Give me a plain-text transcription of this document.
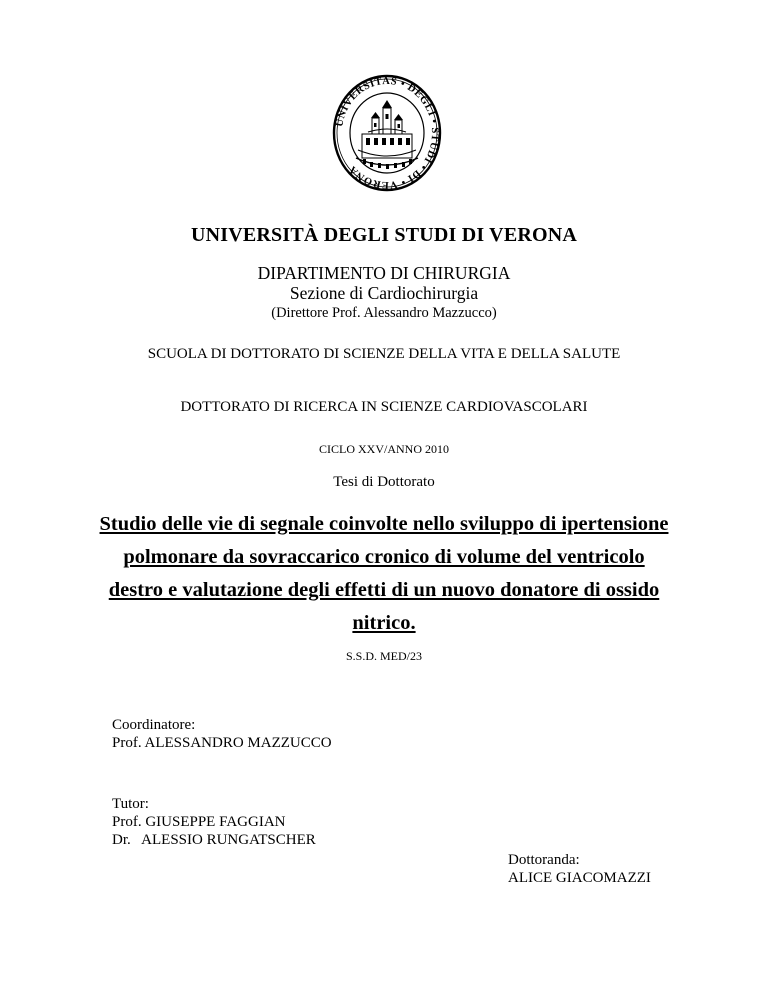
UNIVERSITAS • DEGLI • STUDI • DI • VERONA
UNIVERSITÀ DEGLI STUDI DI VERONA
DIPARTIMENTO DI CHIRURGIA
Sezione di Cardiochirurgia
(Direttore Prof. Alessandro Mazzucco)
SCUOLA DI DOTTORATO DI SCIENZE DELLA VITA E DELLA SALUTE
DOTTORATO DI RICERCA IN SCIENZE CARDIOVASCOLARI
CICLO XXV/ANNO 2010
Tesi di Dottorato
Studio delle vie di segnale coinvolte nello sviluppo di ipertensione polmonare da sovraccarico cronico di volume del ventricolo destro e valutazione degli effetti di un nuovo donatore di ossido nitrico.
S.S.D. MED/23
Coordinatore:
Prof. ALESSANDRO MAZZUCCO
Tutor:
Prof. GIUSEPPE FAGGIAN
Dr.   ALESSIO RUNGATSCHER
Dottoranda:
ALICE GIACOMAZZI
